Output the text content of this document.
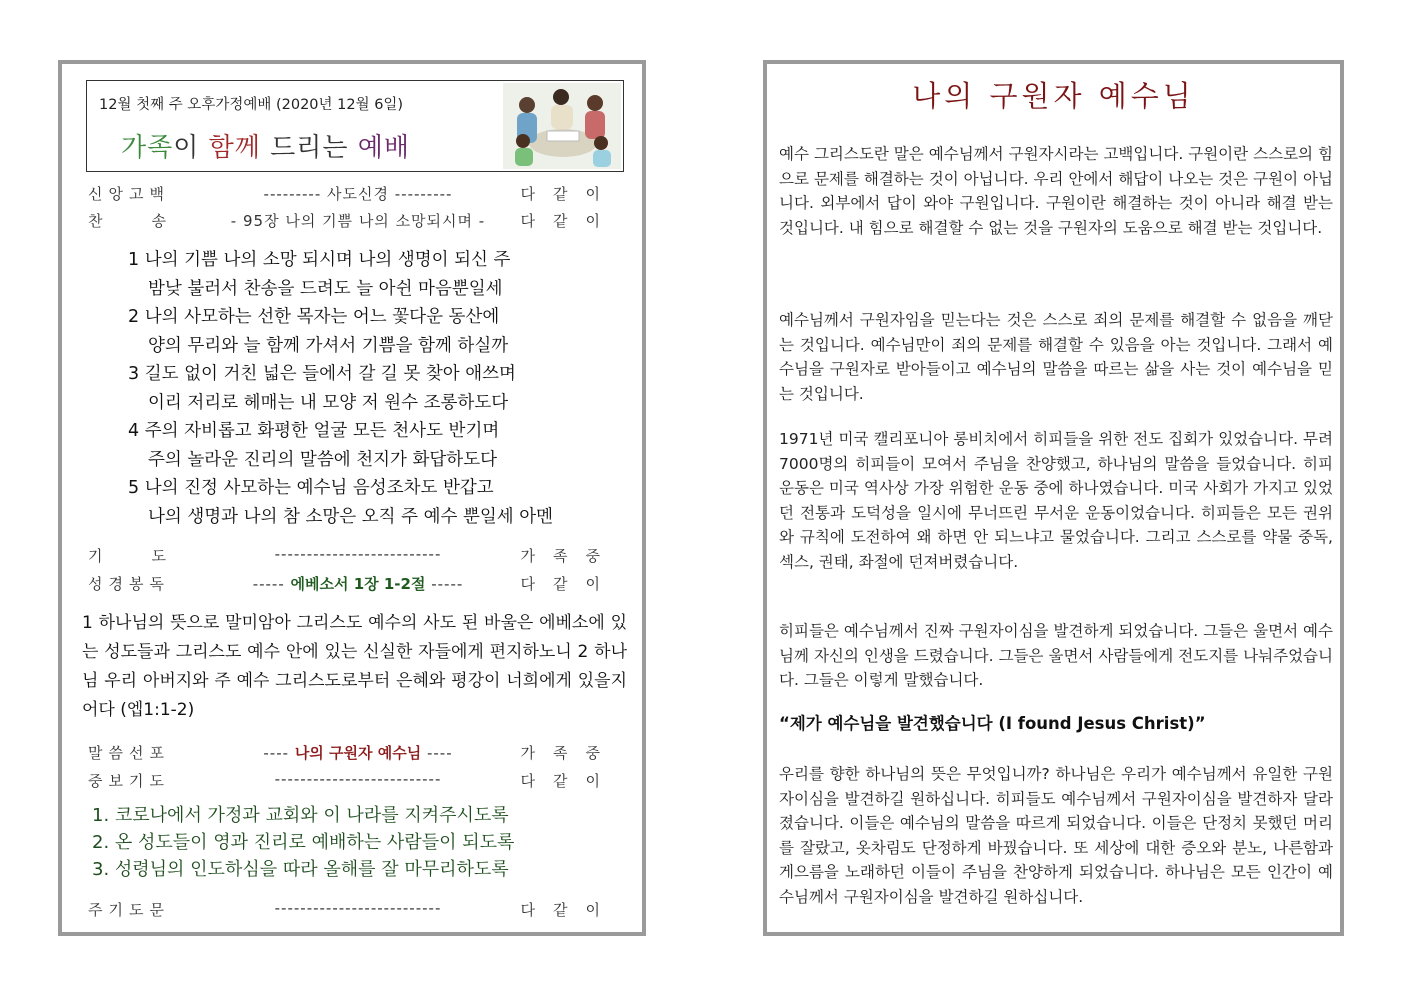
12월 첫째 주 오후가정예배 (2020년 12월 6일)
가족이 함께 드리는 예배
신앙고백	--------- 사도신경 ---------	다같이
찬    송	- 95장 나의 기쁨 나의 소망되시며 -	다같이
1 나의 기쁨 나의 소망 되시며 나의 생명이 되신 주
밤낮 불러서 찬송을 드려도 늘 아쉰 마음뿐일세
2 나의 사모하는 선한 목자는 어느 꽃다운 동산에
양의 무리와 늘 함께 가셔서 기쁨을 함께 하실까
3 길도 없이 거친 넓은 들에서 갈 길 못 찾아 애쓰며
이리 저리로 헤매는 내 모양 저 원수 조롱하도다
4 주의 자비롭고 화평한 얼굴 모든 천사도 반기며
주의 놀라운 진리의 말씀에 천지가 화답하도다
5 나의 진정 사모하는 예수님 음성조차도 반갑고
나의 생명과 나의 참 소망은 오직 주 예수 뿐일세 아멘
기    도	--------------------------	가족중
성경봉독	----- 에베소서 1장 1-2절 -----	다같이
1 하나님의 뜻으로 말미암아 그리스도 예수의 사도 된 바울은 에베소에 있는 성도들과 그리스도 예수 안에 있는 신실한 자들에게 편지하노니 2 하나님 우리 아버지와 주 예수 그리스도로부터 은혜와 평강이 너희에게 있을지어다 (엡1:1-2)
말씀선포	---- 나의 구원자 예수님 ----	가족중
중보기도	--------------------------	다같이
1. 코로나에서 가정과 교회와 이 나라를 지켜주시도록
2. 온 성도들이 영과 진리로 예배하는 사람들이 되도록
3. 성령님의 인도하심을 따라 올해를 잘 마무리하도록
주기도문	--------------------------	다같이
나의 구원자 예수님
예수 그리스도란 말은 예수님께서 구원자시라는 고백입니다. 구원이란 스스로의 힘으로 문제를 해결하는 것이 아닙니다. 우리 안에서 해답이 나오는 것은 구원이 아닙니다. 외부에서 답이 와야 구원입니다. 구원이란 해결하는 것이 아니라 해결 받는 것입니다. 내 힘으로 해결할 수 없는 것을 구원자의 도움으로 해결 받는 것입니다.
예수님께서 구원자임을 믿는다는 것은 스스로 죄의 문제를 해결할 수 없음을 깨닫는 것입니다. 예수님만이 죄의 문제를 해결할 수 있음을 아는 것입니다. 그래서 예수님을 구원자로 받아들이고 예수님의 말씀을 따르는 삶을 사는 것이 예수님을 믿는 것입니다.
1971년 미국 캘리포니아 롱비치에서 히피들을 위한 전도 집회가 있었습니다. 무려 7000명의 히피들이 모여서 주님을 찬양했고, 하나님의 말씀을 들었습니다. 히피 운동은 미국 역사상 가장 위험한 운동 중에 하나였습니다. 미국 사회가 가지고 있었던 전통과 도덕성을 일시에 무너뜨린 무서운 운동이었습니다. 히피들은 모든 권위와 규칙에 도전하여 왜 하면 안 되느냐고 물었습니다. 그리고 스스로를 약물 중독, 섹스, 권태, 좌절에 던져버렸습니다.
히피들은 예수님께서 진짜 구원자이심을 발견하게 되었습니다. 그들은 울면서 예수님께 자신의 인생을 드렸습니다. 그들은 울면서 사람들에게 전도지를 나눠주었습니다. 그들은 이렇게 말했습니다.
“제가 예수님을 발견했습니다 (I found Jesus Christ)”
우리를 향한 하나님의 뜻은 무엇입니까? 하나님은 우리가 예수님께서 유일한 구원자이심을 발견하길 원하십니다. 히피들도 예수님께서 구원자이심을 발견하자 달라졌습니다. 이들은 예수님의 말씀을 따르게 되었습니다. 이들은 단정치 못했던 머리를 잘랐고, 옷차림도 단정하게 바꿨습니다. 또 세상에 대한 증오와 분노, 나른함과 게으름을 노래하던 이들이 주님을 찬양하게 되었습니다. 하나님은 모든 인간이 예수님께서 구원자이심을 발견하길 원하십니다.
